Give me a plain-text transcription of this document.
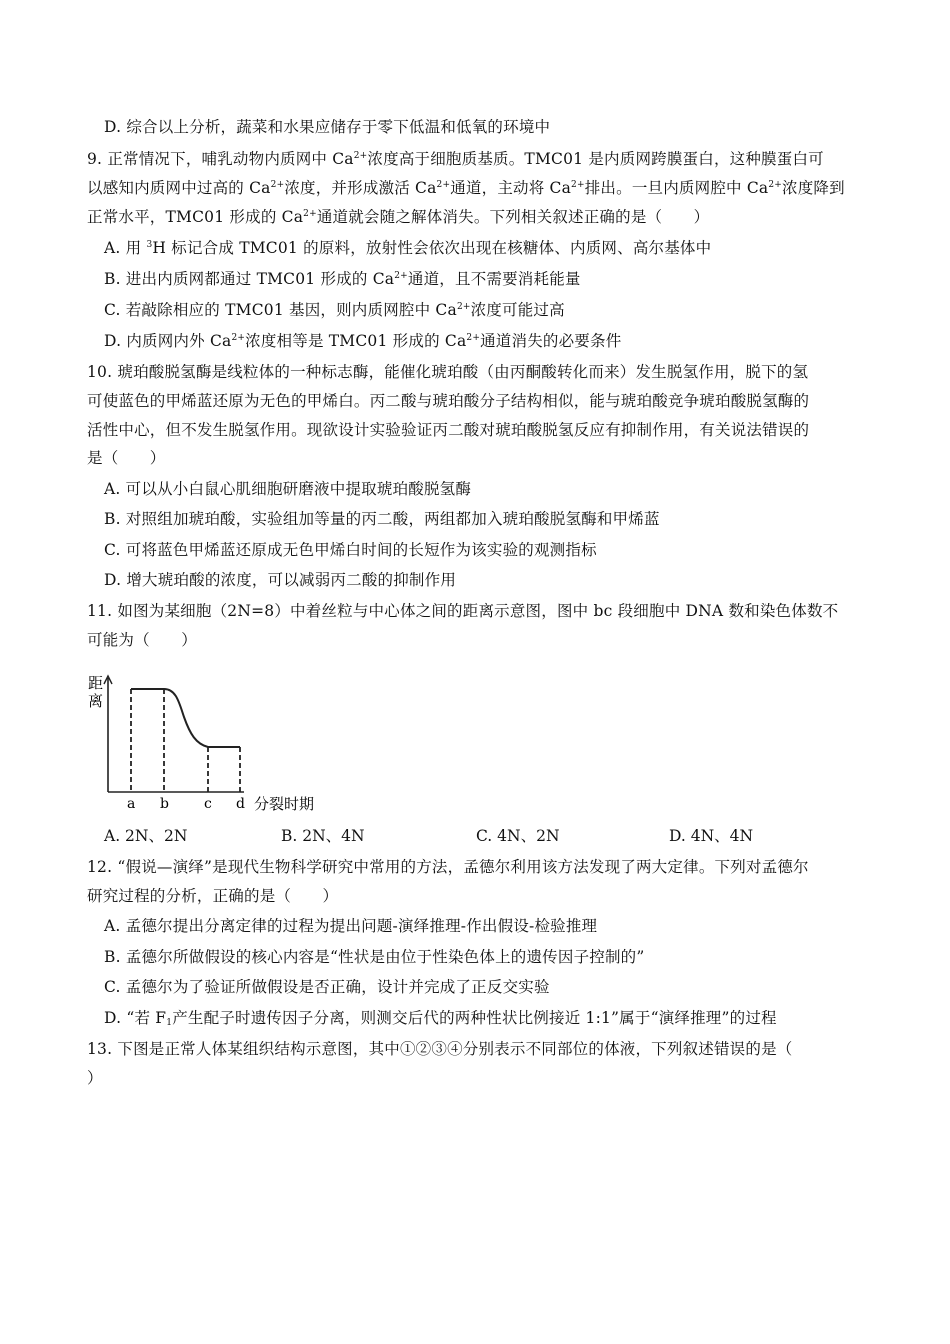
D. 综合以上分析，蔬菜和水果应储存于零下低温和低氧的环境中
9. 正常情况下，哺乳动物内质网中 $Ca^{2+}$浓度高于细胞质基质。TMC01 是内质网跨膜蛋白，这种膜蛋白可
以感知内质网中过高的 $Ca^{2+}$浓度，并形成激活 $Ca^{2+}$通道，主动将 $Ca^{2+}$排出。一旦内质网腔中 $Ca^{2+}$浓度降到
正常水平，TMC01 形成的 $Ca^{2+}$通道就会随之解体消失。下列相关叙述正确的是（　　）
A. 用 $^3$H 标记合成 TMC01 的原料，放射性会依次出现在核糖体、内质网、高尔基体中
B. 进出内质网都通过 TMC01 形成的 $Ca^{2+}$通道，且不需要消耗能量
C. 若敲除相应的 TMC01 基因，则内质网腔中 $Ca^{2+}$浓度可能过高
D. 内质网内外 $Ca^{2+}$浓度相等是 TMC01 形成的 $Ca^{2+}$通道消失的必要条件
10. 琥珀酸脱氢酶是线粒体的一种标志酶，能催化琥珀酸（由丙酮酸转化而来）发生脱氢作用，脱下的氢
可使蓝色的甲烯蓝还原为无色的甲烯白。丙二酸与琥珀酸分子结构相似，能与琥珀酸竞争琥珀酸脱氢酶的
活性中心，但不发生脱氢作用。现欲设计实验验证丙二酸对琥珀酸脱氢反应有抑制作用，有关说法错误的
是（　　）
A. 可以从小白鼠心肌细胞研磨液中提取琥珀酸脱氢酶
B. 对照组加琥珀酸，实验组加等量的丙二酸，两组都加入琥珀酸脱氢酶和甲烯蓝
C. 可将蓝色甲烯蓝还原成无色甲烯白时间的长短作为该实验的观测指标
D. 增大琥珀酸的浓度，可以减弱丙二酸的抑制作用
11. 如图为某细胞（2N=8）中着丝粒与中心体之间的距离示意图，图中 bc 段细胞中 DNA 数和染色体数不
可能为（　　）
距
离
a b	c d 分裂时期
A. 2N、2N	B. 2N、4N	C. 4N、2N	D. 4N、4N
12. “假说—演绎”是现代生物科学研究中常用的方法，孟德尔利用该方法发现了两大定律。下列对孟德尔
研究过程的分析，正确的是（　　）
A. 孟德尔提出分离定律的过程为提出问题-演绎推理-作出假设-检验推理
B. 孟德尔所做假设的核心内容是“性状是由位于性染色体上的遗传因子控制的”
C. 孟德尔为了验证所做假设是否正确，设计并完成了正反交实验
D. “若 $F_1$产生配子时遗传因子分离，则测交后代的两种性状比例接近 1:1”属于“演绎推理”的过程
13. 下图是正常人体某组织结构示意图，其中①②③④分别表示不同部位的体液，下列叙述错误的是（
）
